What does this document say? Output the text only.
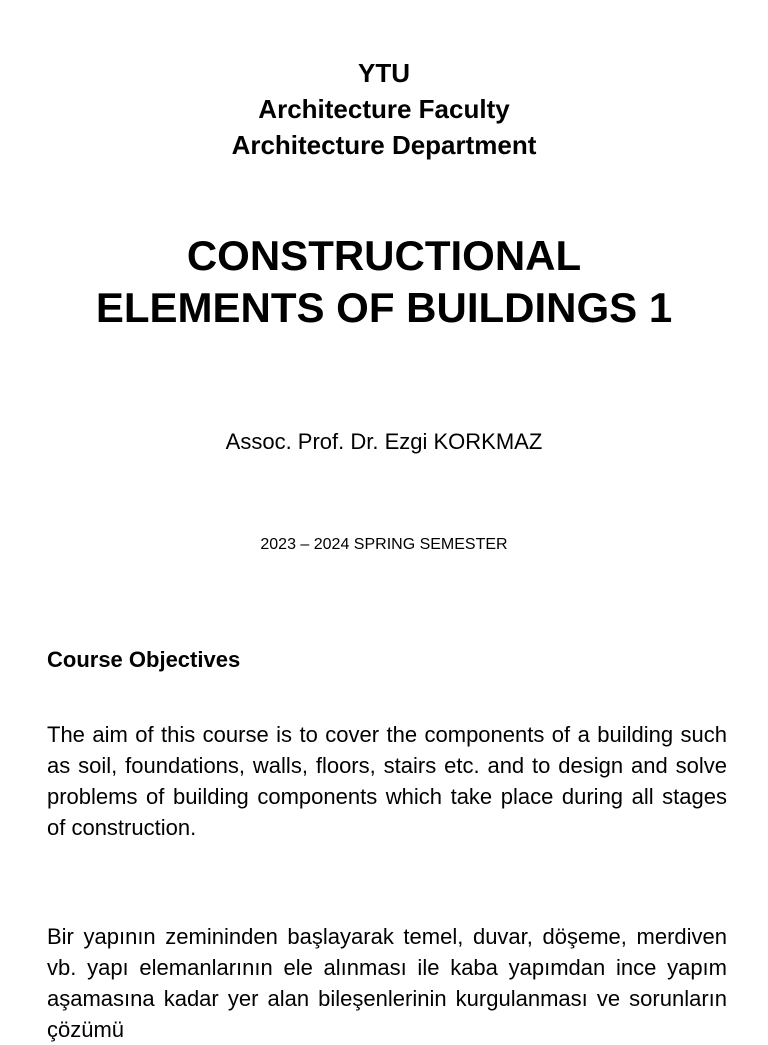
YTU
Architecture Faculty
Architecture Department
CONSTRUCTIONAL
ELEMENTS OF BUILDINGS 1
Assoc. Prof. Dr. Ezgi KORKMAZ
2023 – 2024 SPRING SEMESTER
Course Objectives
The aim of this course is to cover the components of a building such as soil, foundations, walls, floors, stairs etc. and to design and solve problems of building components which take place during all stages of construction.
Bir yapının zemininden başlayarak temel, duvar, döşeme, merdiven vb. yapı elemanlarının ele alınması ile kaba yapımdan ince yapım aşamasına kadar yer alan bileşenlerinin kurgulanması ve sorunların çözümü
